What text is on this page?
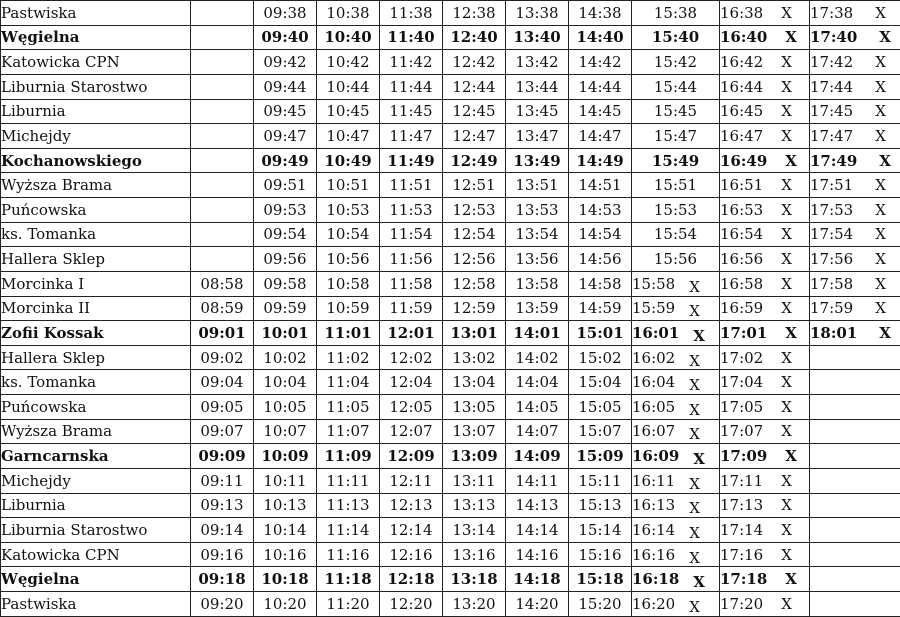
Pastwiska		09:38	10:38	11:38	12:38	13:38	14:38	15:38	16:38 X	17:38 X
Węgielna		09:40	10:40	11:40	12:40	13:40	14:40	15:40	16:40 X	17:40 X
Katowicka CPN		09:42	10:42	11:42	12:42	13:42	14:42	15:42	16:42 X	17:42 X
Liburnia Starostwo		09:44	10:44	11:44	12:44	13:44	14:44	15:44	16:44 X	17:44 X
Liburnia		09:45	10:45	11:45	12:45	13:45	14:45	15:45	16:45 X	17:45 X
Michejdy		09:47	10:47	11:47	12:47	13:47	14:47	15:47	16:47 X	17:47 X
Kochanowskiego		09:49	10:49	11:49	12:49	13:49	14:49	15:49	16:49 X	17:49 X
Wyższa Brama		09:51	10:51	11:51	12:51	13:51	14:51	15:51	16:51 X	17:51 X
Puńcowska		09:53	10:53	11:53	12:53	13:53	14:53	15:53	16:53 X	17:53 X
ks. Tomanka		09:54	10:54	11:54	12:54	13:54	14:54	15:54	16:54 X	17:54 X
Hallera Sklep		09:56	10:56	11:56	12:56	13:56	14:56	15:56	16:56 X	17:56 X
Morcinka I	08:58	09:58	10:58	11:58	12:58	13:58	14:58	15:58 X	16:58 X	17:58 X
Morcinka II	08:59	09:59	10:59	11:59	12:59	13:59	14:59	15:59 X	16:59 X	17:59 X
Zofii Kossak	09:01	10:01	11:01	12:01	13:01	14:01	15:01	16:01 X	17:01 X	18:01 X
Hallera Sklep	09:02	10:02	11:02	12:02	13:02	14:02	15:02	16:02 X	17:02 X	
ks. Tomanka	09:04	10:04	11:04	12:04	13:04	14:04	15:04	16:04 X	17:04 X	
Puńcowska	09:05	10:05	11:05	12:05	13:05	14:05	15:05	16:05 X	17:05 X	
Wyższa Brama	09:07	10:07	11:07	12:07	13:07	14:07	15:07	16:07 X	17:07 X	
Garncarnska	09:09	10:09	11:09	12:09	13:09	14:09	15:09	16:09 X	17:09 X	
Michejdy	09:11	10:11	11:11	12:11	13:11	14:11	15:11	16:11 X	17:11 X	
Liburnia	09:13	10:13	11:13	12:13	13:13	14:13	15:13	16:13 X	17:13 X	
Liburnia Starostwo	09:14	10:14	11:14	12:14	13:14	14:14	15:14	16:14 X	17:14 X	
Katowicka CPN	09:16	10:16	11:16	12:16	13:16	14:16	15:16	16:16 X	17:16 X	
Węgielna	09:18	10:18	11:18	12:18	13:18	14:18	15:18	16:18 X	17:18 X	
Pastwiska	09:20	10:20	11:20	12:20	13:20	14:20	15:20	16:20 X	17:20 X	
